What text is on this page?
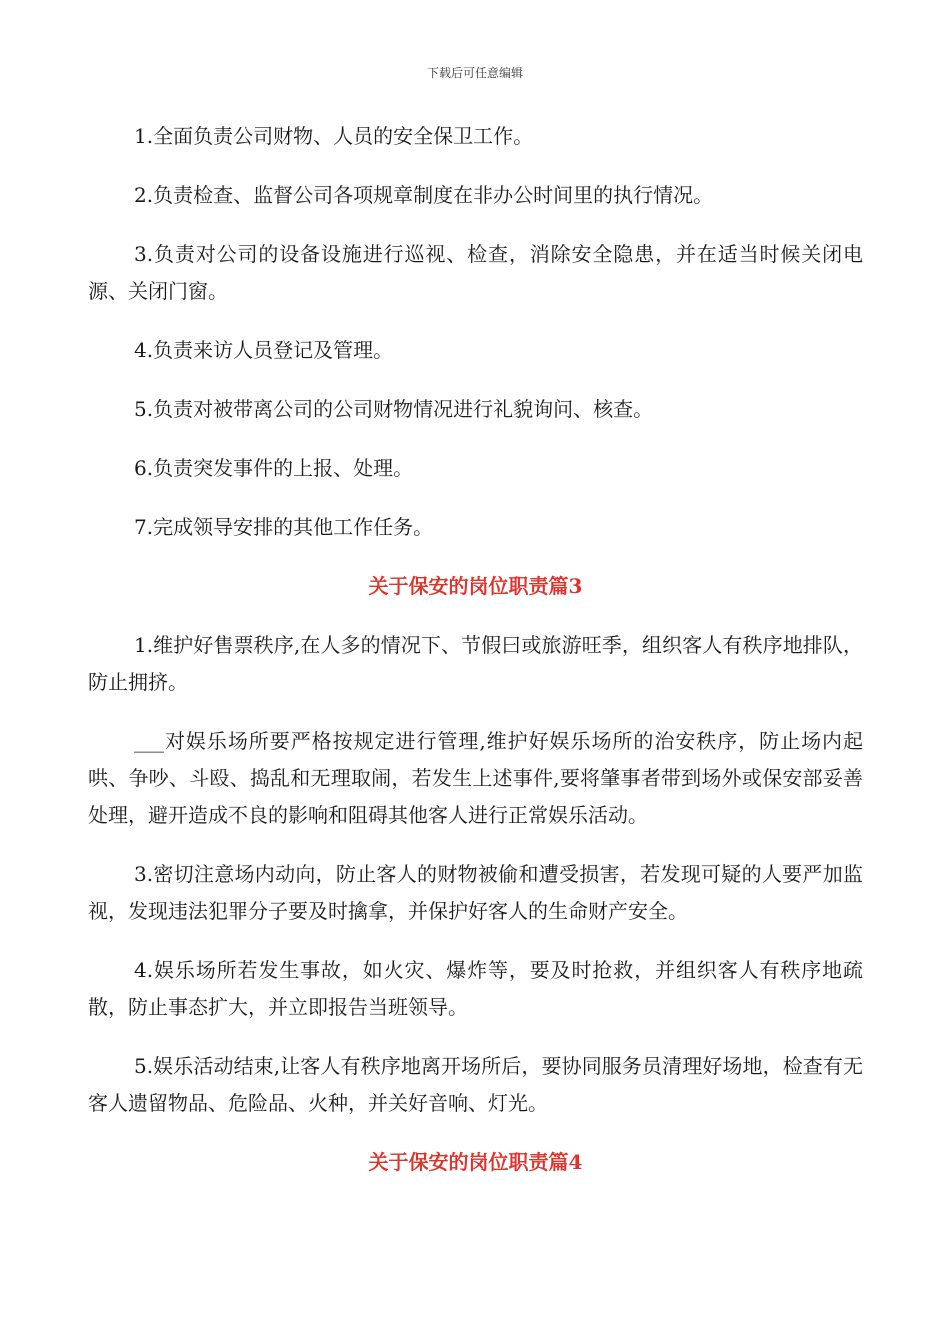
下载后可任意编辑

1.全面负责公司财物、人员的安全保卫工作。

2.负责检查、监督公司各项规章制度在非办公时间里的执行情况。

3.负责对公司的设备设施进行巡视、检查，消除安全隐患，并在适当时候关闭电源、关闭门窗。

4.负责来访人员登记及管理。

5.负责对被带离公司的公司财物情况进行礼貌询问、核查。

6.负责突发事件的上报、处理。

7.完成领导安排的其他工作任务。

关于保安的岗位职责篇3

1.维护好售票秩序,在人多的情况下、节假曰或旅游旺季，组织客人有秩序地排队，防止拥挤。

___对娱乐场所要严格按规定进行管理,维护好娱乐场所的治安秩序，防止场内起哄、争吵、斗殴、捣乱和无理取闹，若发生上述事件,要将肇事者带到场外或保安部妥善处理，避开造成不良的影响和阻碍其他客人进行正常娱乐活动。

3.密切注意场内动向，防止客人的财物被偷和遭受损害，若发现可疑的人要严加监视，发现违法犯罪分子要及时擒拿，并保护好客人的生命财产安全。

4.娱乐场所若发生事故，如火灾、爆炸等，要及时抢救，并组织客人有秩序地疏散，防止事态扩大，并立即报告当班领导。

5.娱乐活动结束,让客人有秩序地离开场所后，要协同服务员清理好场地，检查有无客人遗留物品、危险品、火种，并关好音响、灯光。

关于保安的岗位职责篇4
